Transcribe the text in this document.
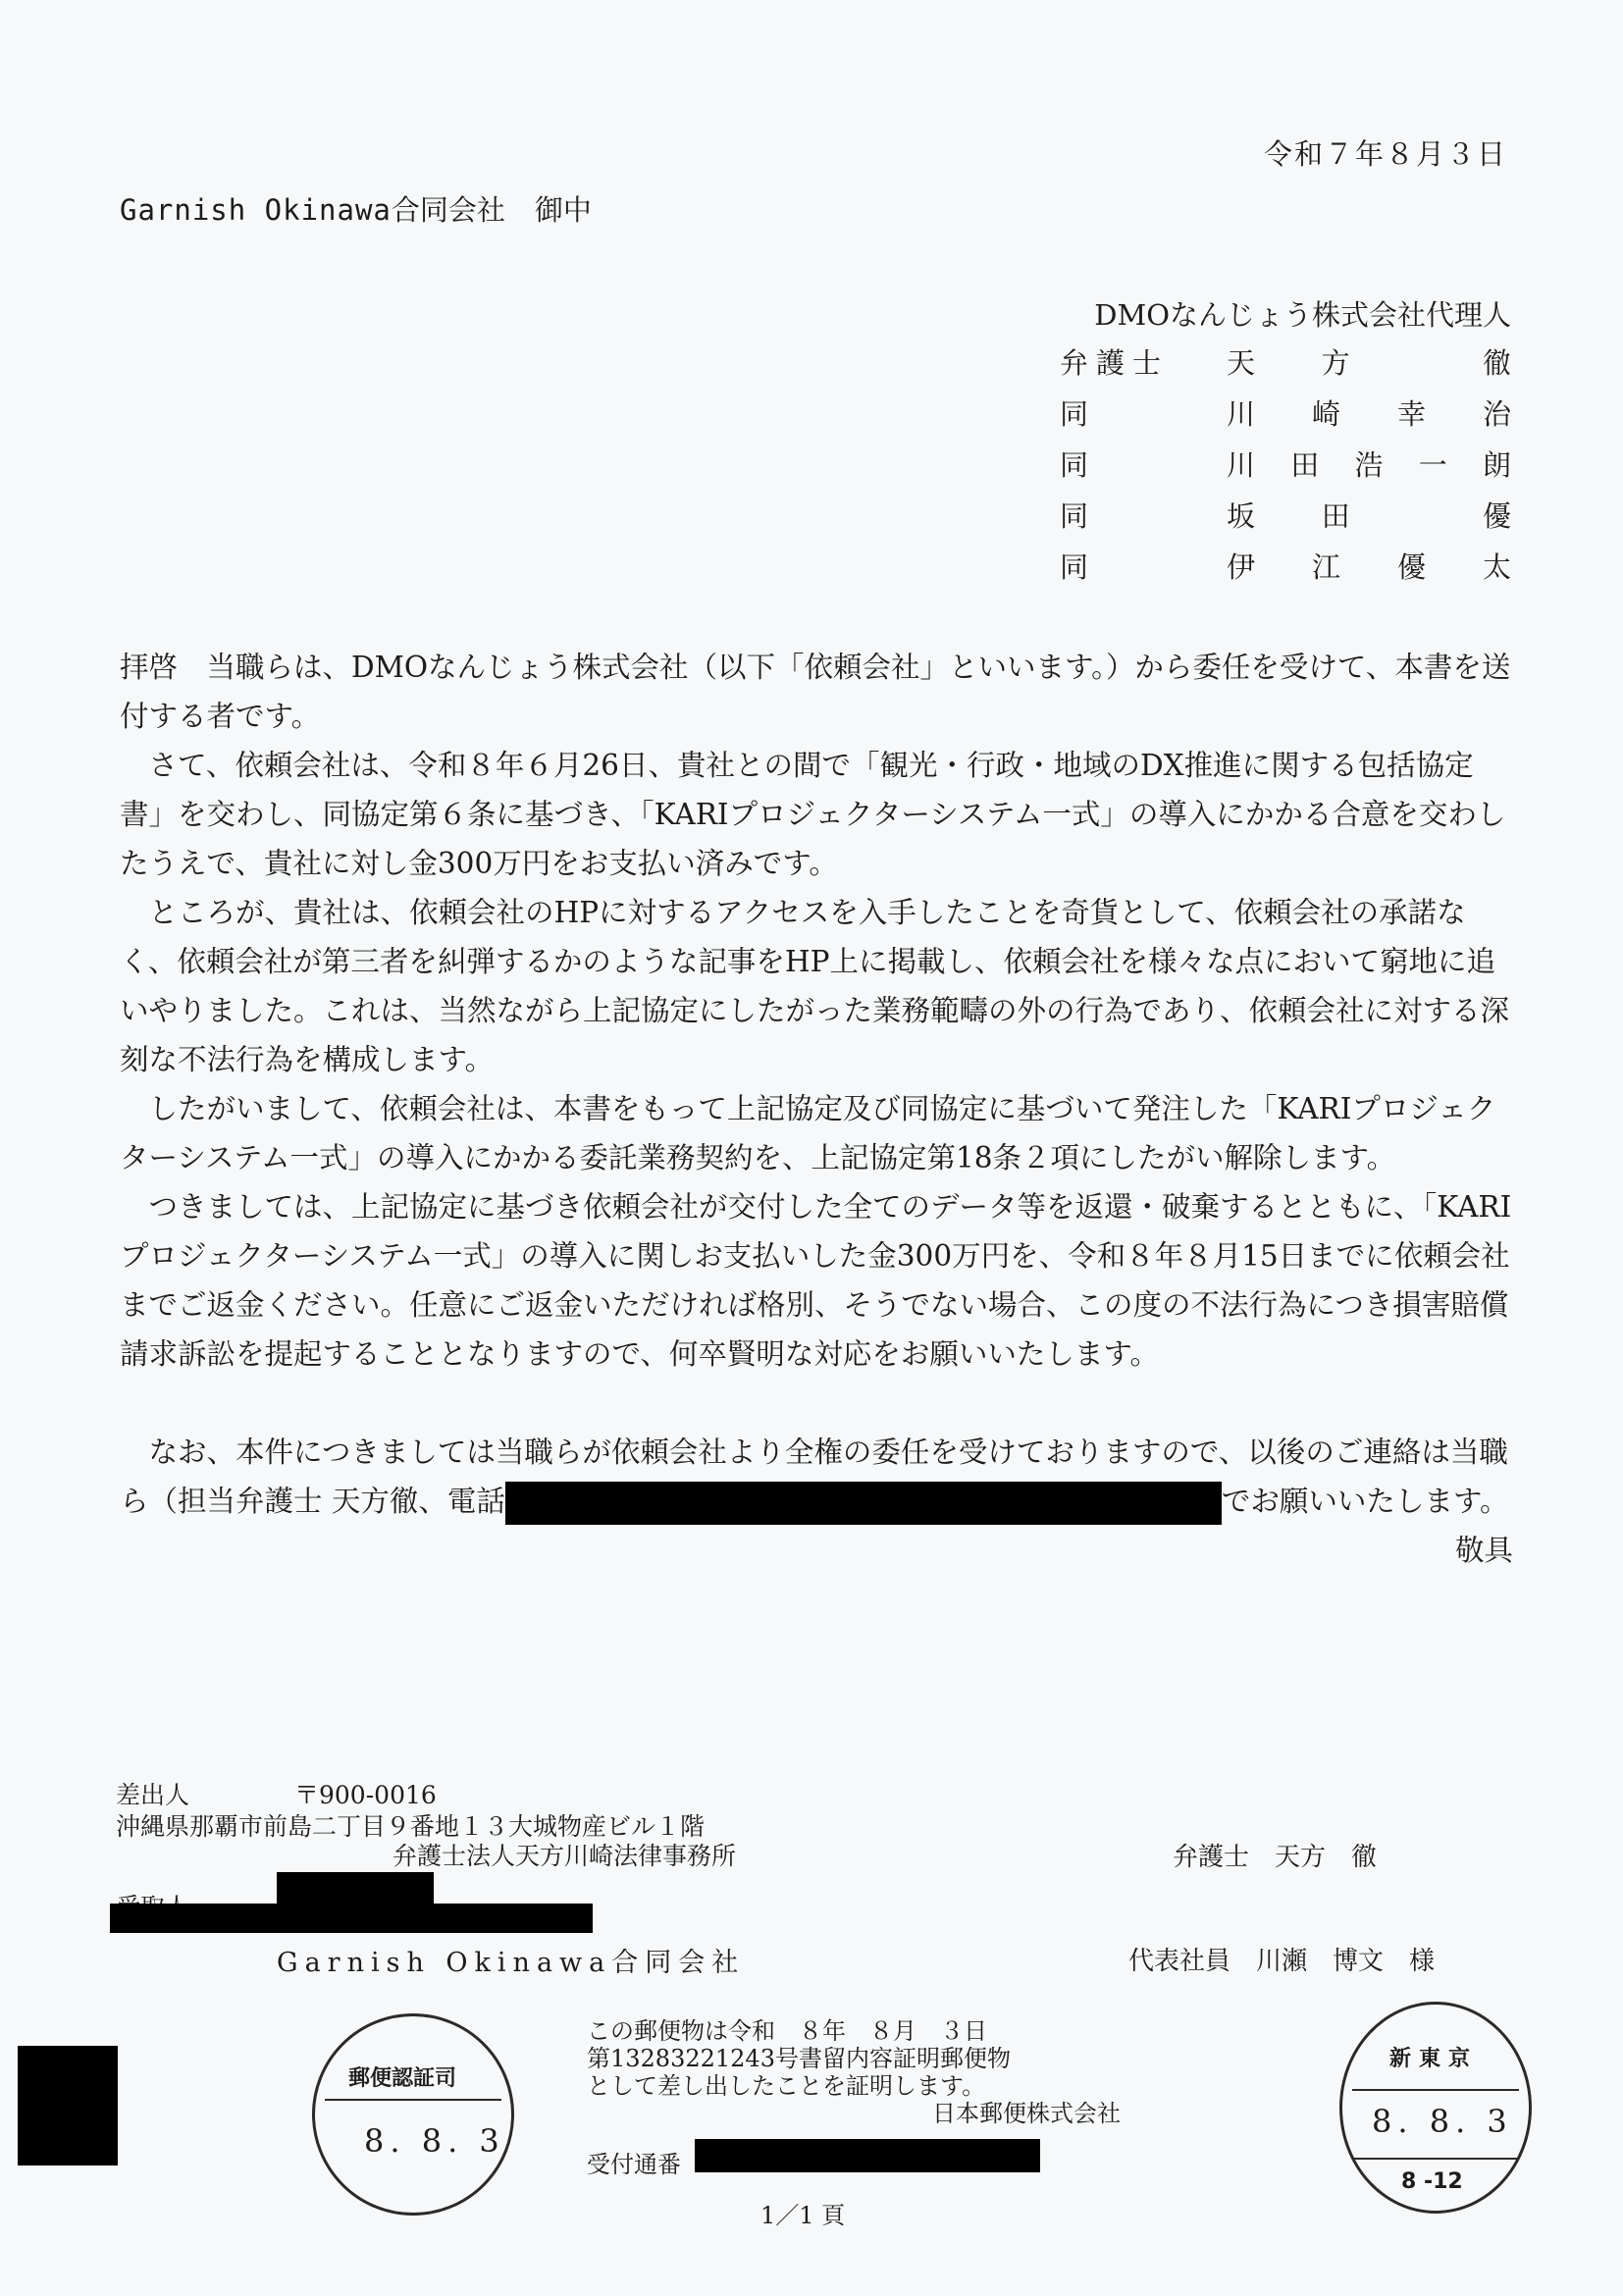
令和７年８月３日
Garnish Okinawa合同会社 御中
DMOなんじょう株式会社代理人
弁護士 天 方	徹
同	川 崎 幸 治
同	川 田 浩 一 朗
同	坂 田	優
同	伊 江 優 太

拝啓　当職らは、DMOなんじょう株式会社（以下「依頼会社」といいます。）から委任を受けて、本書を送付する者です。

　さて、依頼会社は、令和８年６月26日、貴社との間で「観光・行政・地域のDX推進に関する包括協定書」を交わし、同協定第６条に基づき、「KARIプロジェクターシステム一式」の導入にかかる合意を交わしたうえで、貴社に対し金300万円をお支払い済みです。

　ところが、貴社は、依頼会社のHPに対するアクセスを入手したことを奇貨として、依頼会社の承諾なく、依頼会社が第三者を糾弾するかのような記事をHP上に掲載し、依頼会社を様々な点において窮地に追いやりました。これは、当然ながら上記協定にしたがった業務範疇の外の行為であり、依頼会社に対する深刻な不法行為を構成します。

　したがいまして、依頼会社は、本書をもって上記協定及び同協定に基づいて発注した「KARIプロジェクターシステム一式」の導入にかかる委託業務契約を、上記協定第18条２項にしたがい解除します。

　つきましては、上記協定に基づき依頼会社が交付した全てのデータ等を返還・破棄するとともに、「KARIプロジェクターシステム一式」の導入に関しお支払いした金300万円を、令和８年８月15日までに依頼会社までご返金ください。任意にご返金いただければ格別、そうでない場合、この度の不法行為につき損害賠償請求訴訟を提起することとなりますので、何卒賢明な対応をお願いいたします。

　なお、本件につきましては当職らが依頼会社より全権の委任を受けておりますので、以後のご連絡は当職ら（担当弁護士 天方徹、電話	でお願いいたします。

敬具

差出人	〒900-0016
沖縄県那覇市前島二丁目９番地１３大城物産ビル１階
弁護士法人天方川崎法律事務所	弁護士　天方　徹
Garnish Okinawa合同会社	代表社員　川瀬　博文　様
郵便認証司
8. 8. 3
この郵便物は令和　８年　８月　３日
第13283221243号書留内容証明郵便物
として差し出したことを証明します。
日本郵便株式会社
受付通番
新東京
8. 8. 3
8 -12
1／1 頁
